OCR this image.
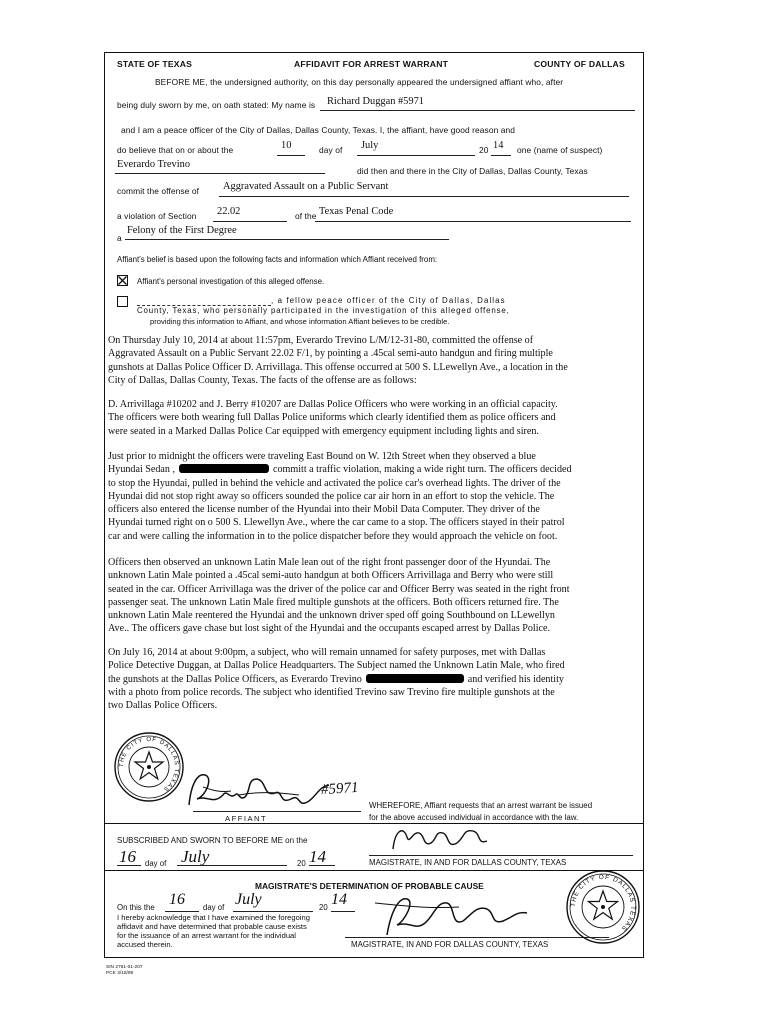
STATE OF TEXAS	AFFIDAVIT FOR ARREST WARRANT	COUNTY OF DALLAS
BEFORE ME, the undersigned authority, on this day personally appeared the undersigned affiant who, after
being duly sworn by me, on oath stated: My name is Richard Duggan #5971
and I am a peace officer of the City of Dallas, Dallas County, Texas. I, the affiant, have good reason and
do believe that on or about the	10	day of July	20 14 one (name of suspect)
Everardo Trevino
did then and there in the City of Dallas, Dallas County, Texas
commit the offense of Aggravated Assault on a Public Servant
a violation of Section 22.02	of the Texas Penal Code
a
Felony of the First Degree
Affiant's belief is based upon the following facts and information which Affiant received from:
Affiant's personal investigation of this alleged offense.
, a fellow peace officer of the City of Dallas, Dallas
County, Texas, who personally participated in the investigation of this alleged offense,
providing this information to Affiant, and whose information Affiant believes to be credible.
On Thursday July 10, 2014 at about 11:57pm, Everardo Trevino L/M/12-31-80, committed the offense of
Aggravated Assault on a Public Servant 22.02 F/1, by pointing a .45cal semi-auto handgun and firing multiple
gunshots at Dallas Police Officer D. Arrivillaga. This offense occurred at 500 S. LLewellyn Ave., a location in the
City of Dallas, Dallas County, Texas. The facts of the offense are as follows:
D. Arrivillaga #10202 and J. Berry #10207 are Dallas Police Officers who were working in an official capacity.
The officers were both wearing full Dallas Police uniforms which clearly identified them as police officers and
were seated in a Marked Dallas Police Car equipped with emergency equipment including lights and siren.
Just prior to midnight the officers were traveling East Bound on W. 12th Street when they observed a blue
Hyundai Sedan ,	committ a traffic violation, making a wide right turn. The officers decided
to stop the Hyundai, pulled in behind the vehicle and activated the police car's overhead lights. The driver of the
Hyundai did not stop right away so officers sounded the police car air horn in an effort to stop the vehicle. The
officers also entered the license number of the Hyundai into their Mobil Data Computer. They driver of the
Hyundai turned right on o 500 S. Llewellyn Ave., where the car came to a stop. The officers stayed in their patrol
car and were calling the information in to the police dispatcher before they would approach the vehicle on foot.
Officers then observed an unknown Latin Male lean out of the right front passenger door of the Hyundai. The
unknown Latin Male pointed a .45cal semi-auto handgun at both Officers Arrivillaga and Berry who were still
seated in the car. Officer Arrivillaga was the driver of the police car and Officer Berry was seated in the right front
passenger seat. The unknown Latin Male fired multiple gunshots at the officers. Both officers returned fire. The
unknown Latin Male reentered the Hyundai and the unknown driver sped off going Southbound on LLewellyn
Ave.. The officers gave chase but lost sight of the Hyundai and the occupants escaped arrest by Dallas Police.
On July 16, 2014 at about 9:00pm, a subject, who will remain unnamed for safety purposes, met with Dallas
Police Detective Duggan, at Dallas Police Headquarters. The Subject named the Unknown Latin Male, who fired
the gunshots at the Dallas Police Officers, as Everardo Trevino	and verified his identity
with a photo from police records. The subject who identified Trevino saw Trevino fire multiple gunshots at the
two Dallas Police Officers.
THE CITY OF DALLAS TEXAS	#5971
AFFIANT
WHEREFORE, Affiant requests that an arrest warrant be issued
for the above accused individual in accordance with the law.
SUBSCRIBED AND SWORN TO BEFORE ME on the
16 day of July	20 14	MAGISTRATE, IN AND FOR DALLAS COUNTY, TEXAS
MAGISTRATE'S DETERMINATION OF PROBABLE CAUSE
On this the 16 day of July	20 14
I hereby acknowledge that I have examined the foregoing
affidavit and have determined that probable cause exists
for the issuance of an arrest warrant for the individual
accused therein.	MAGISTRATE, IN AND FOR DALLAS COUNTY, TEXAS
THE CITY OF DALLAS TEXAS
SIN 2761-01-207
PCK 3/15/99
